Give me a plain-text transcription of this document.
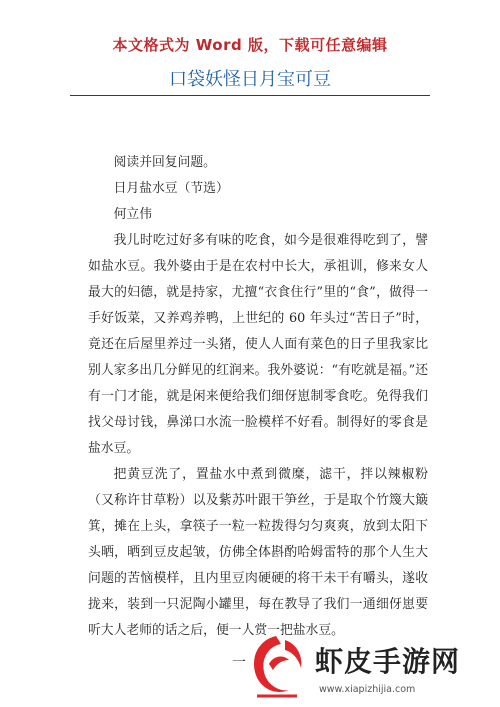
本文格式为 Word 版，下载可任意编辑
口袋妖怪日月宝可豆

阅读并回复问题。

日月盐水豆（节选）

何立伟

我儿时吃过好多有味的吃食，如今是很难得吃到了，譬如盐水豆。我外婆由于是在农村中长大，承祖训，修来女人最大的妇德，就是持家，尤擅“衣食住行”里的“食”，做得一手好饭菜，又养鸡养鸭，上世纪的 60 年头过“苦日子”时，竟还在后屋里养过一头猪，使人人面有菜色的日子里我家比别人家多出几分鲜见的红润来。我外婆说：“有吃就是福。”还有一门才能，就是闲来便给我们细伢崽制零食吃。免得我们找父母讨钱，鼻涕口水流一脸模样不好看。制得好的零食是盐水豆。

把黄豆洗了，置盐水中煮到微糜，滤干，拌以辣椒粉（又称许甘草粉）以及紫苏叶跟干笋丝，于是取个竹篾大簸箕，摊在上头，拿筷子一粒一粒拨得匀匀爽爽，放到太阳下头晒，晒到豆皮起皱，仿佛全体斟酌哈姆雷特的那个人生大问题的苦恼模样，且内里豆肉硬硬的将干未干有嚼头，遂收拢来，装到一只泥陶小罐里，每在教导了我们一通细伢崽要听大人老师的话之后，便一人赏一把盐水豆。

一 虾皮手游网
www.xiapizhijia.com
